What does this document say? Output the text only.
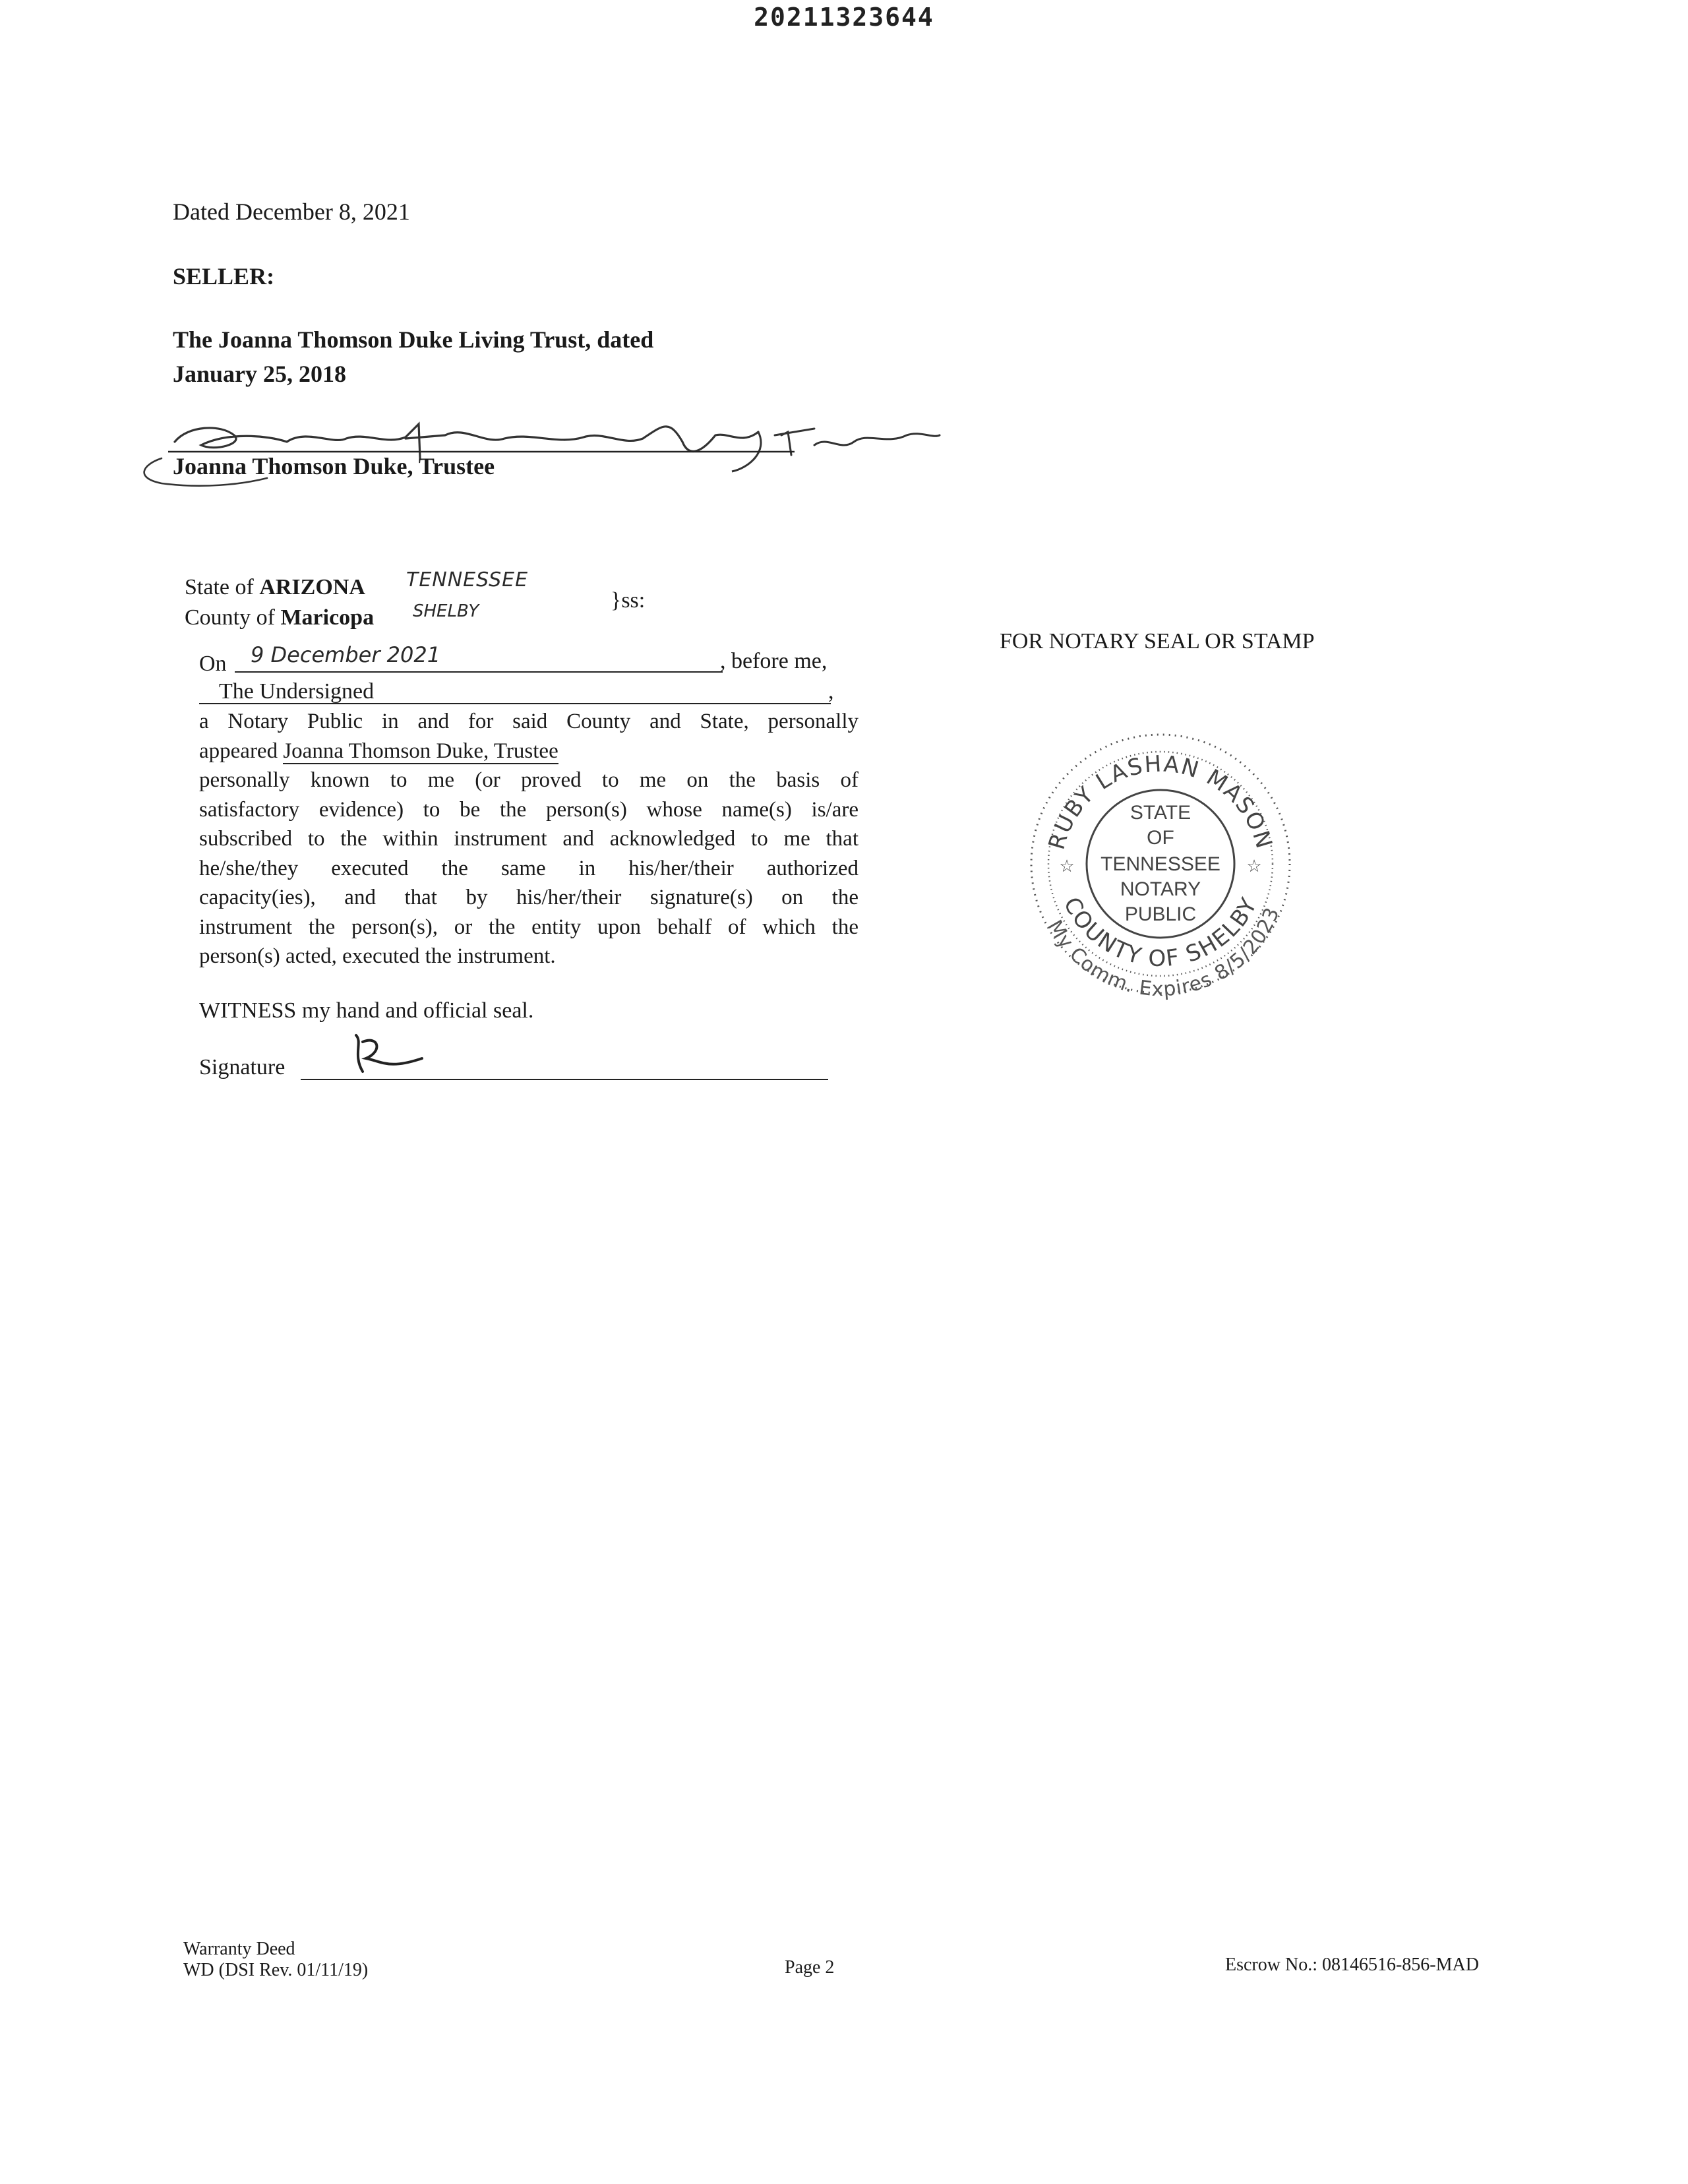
20211323644
Dated December 8, 2021
SELLER:
The Joanna Thomson Duke Living Trust, dated
January 25, 2018
Joanna Thomson Duke, Trustee
State of ARIZONA TENNESSEE
County of Maricopa SHELBY	}ss:
On 9 December 2021	, before me,
The Undersigned	,
a Notary Public in and for said County and State, personally
appeared Joanna Thomson Duke, Trustee
personally known to me (or proved to me on the basis of
satisfactory evidence) to be the person(s) whose name(s) is/are
subscribed to the within instrument and acknowledged to me that
he/she/they executed the same in his/her/their authorized
capacity(ies), and that by his/her/their signature(s) on the
instrument the person(s), or the entity upon behalf of which the
person(s) acted, executed the instrument.
WITNESS my hand and official seal.
Signature
FOR NOTARY SEAL OR STAMP
RUBY LASHAN MASON
COUNTY OF SHELBY
My Comm. Expires 8/5/2023
☆	☆
STATE
OF
TENNESSEE
NOTARY
PUBLIC
Warranty Deed
WD (DSI Rev. 01/11/19)	Page 2	Escrow No.: 08146516-856-MAD
